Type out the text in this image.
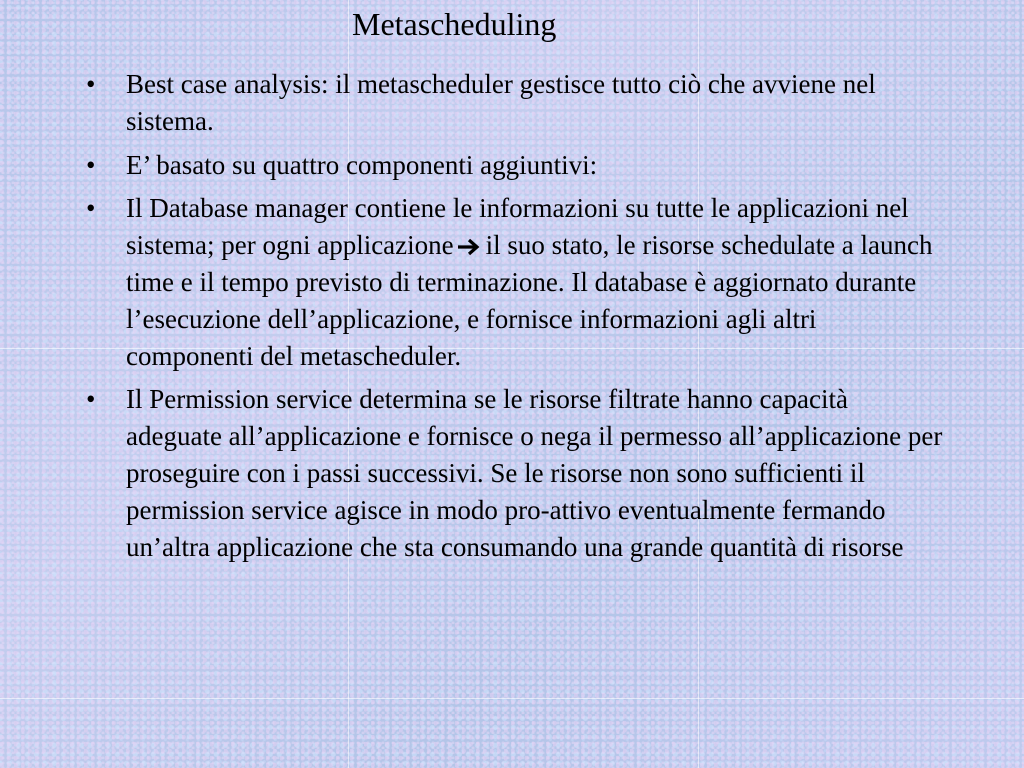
Metascheduling
• Best case analysis: il metascheduler gestisce tutto ciò che avviene nel sistema.
• E’ basato su quattro componenti aggiuntivi:
• Il Database manager contiene le informazioni su tutte le applicazioni nel sistema; per ogni applicazione il suo stato, le risorse schedulate a launch time e il tempo previsto di terminazione. Il database è aggiornato durante l’esecuzione dell’applicazione, e fornisce informazioni agli altri componenti del metascheduler.
• Il Permission service determina se le risorse filtrate hanno capacità adeguate all’applicazione e fornisce o nega il permesso all’applicazione per proseguire con i passi successivi. Se le risorse non sono sufficienti il permission service agisce in modo pro-attivo eventualmente fermando un’altra applicazione che sta consumando una grande quantità di risorse
